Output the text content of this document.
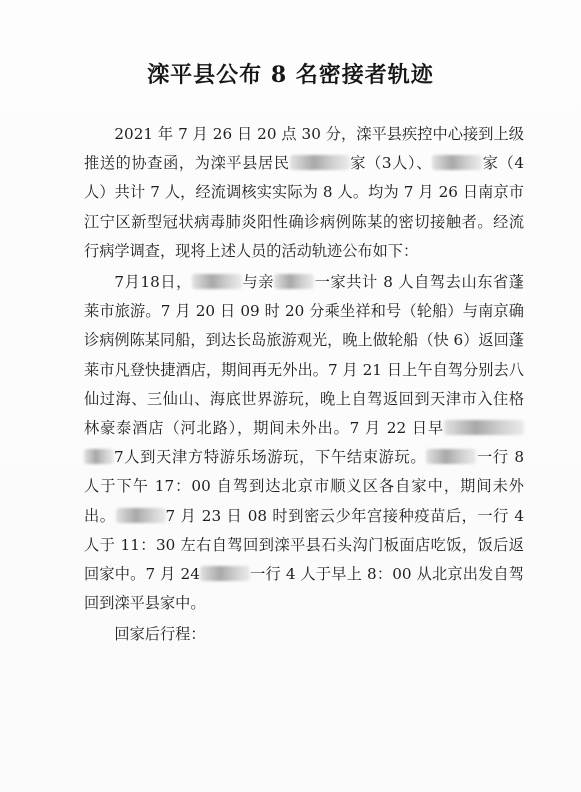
滦平县公布 8 名密接者轨迹

2021 年 7 月 26 日 20 点 30 分，滦平县疾控中心接到上级推送的协查函，为滦平县居民	家（3人）、	家（4人）共计 7 人，经流调核实实际为 8 人。均为 7 月 26 日南京市江宁区新型冠状病毒肺炎阳性确诊病例陈某的密切接触者。经流行病学调查，现将上述人员的活动轨迹公布如下：

7月18日，	与亲	一家共计 8 人自驾去山东省蓬莱市旅游。7 月 20 日 09 时 20 分乘坐祥和号（轮船）与南京确诊病例陈某同船，到达长岛旅游观光，晚上做轮船（快 6）返回蓬莱市凡登快捷酒店，期间再无外出。7 月 21 日上午自驾分别去八仙过海、三仙山、海底世界游玩，晚上自驾返回到天津市入住格林豪泰酒店（河北路），期间未外出。7 月 22 日早7人到天津方特游乐场游玩，下午结束游玩。	一行 8 人于下午 17：00 自驾到达北京市顺义区各自家中，期间未外出。	7 月 23 日 08 时到密云少年宫接种疫苗后，一行 4 人于 11：30 左右自驾回到滦平县石头沟门板面店吃饭，饭后返回家中。7 月 24	一行 4 人于早上 8：00 从北京出发自驾回到滦平县家中。

回家后行程：
